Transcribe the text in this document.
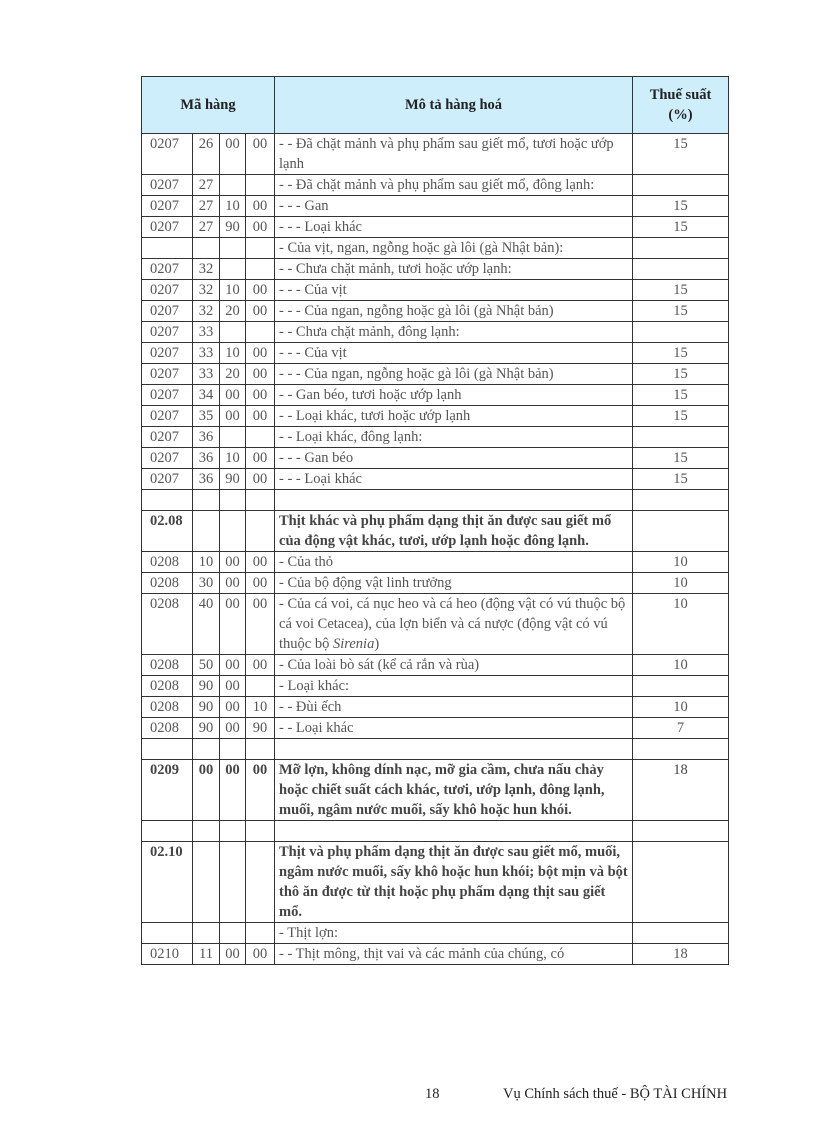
Mã hàng				Mô tả hàng hoá	Thuế suất
(%)

0207	26	00	00	- - Đã chặt mảnh và phụ phẩm sau giết mổ, tươi hoặc ướp lạnh	15
0207	27			- - Đã chặt mảnh và phụ phẩm sau giết mổ, đông lạnh:	
0207	27	10	00	- - - Gan	15
0207	27	90	00	- - - Loại khác	15
				- Của vịt, ngan, ngỗng hoặc gà lôi (gà Nhật bản):	
0207	32			- - Chưa chặt mảnh, tươi hoặc ướp lạnh:	
0207	32	10	00	- - - Của vịt	15
0207	32	20	00	- - - Của ngan, ngỗng hoặc gà lôi (gà Nhật bản)	15
0207	33			- - Chưa chặt mảnh, đông lạnh:	
0207	33	10	00	- - - Của vịt	15
0207	33	20	00	- - - Của ngan, ngỗng hoặc gà lôi (gà Nhật bản)	15
0207	34	00	00	- - Gan béo, tươi hoặc ướp lạnh	15
0207	35	00	00	- - Loại khác, tươi hoặc ướp lạnh	15
0207	36			- - Loại khác, đông lạnh:	
0207	36	10	00	- - - Gan béo	15
0207	36	90	00	- - - Loại khác	15

02.08				Thịt khác và phụ phẩm dạng thịt ăn được sau giết mổ của động vật khác, tươi, ướp lạnh hoặc đông lạnh.	
0208	10	00	00	- Của thỏ	10
0208	30	00	00	- Của bộ động vật linh trưởng	10
0208	40	00	00	- Của cá voi, cá nục heo và cá heo (động vật có vú thuộc bộ cá voi Cetacea), của lợn biển và cá nược (động vật có vú thuộc bộ Sirenia)	10
0208	50	00	00	- Của loài bò sát (kể cả rắn và rùa)	10
0208	90	00		- Loại khác:	
0208	90	00	10	- - Đùi ếch	10
0208	90	00	90	- - Loại khác	7

0209	00	00	00	Mỡ lợn, không dính nạc, mỡ gia cầm, chưa nấu chảy hoặc chiết suất cách khác, tươi, ướp lạnh, đông lạnh, muối, ngâm nước muối, sấy khô hoặc hun khói.	18

02.10				Thịt và phụ phẩm dạng thịt ăn được sau giết mổ, muối, ngâm nước muối, sấy khô hoặc hun khói; bột mịn và bột thô ăn được từ thịt hoặc phụ phẩm dạng thịt sau giết mổ.	
				- Thịt lợn:	
0210	11	00	00	- - Thịt mông, thịt vai và các mảnh của chúng, có	18
18	Vụ Chính sách thuế - BỘ TÀI CHÍNH
